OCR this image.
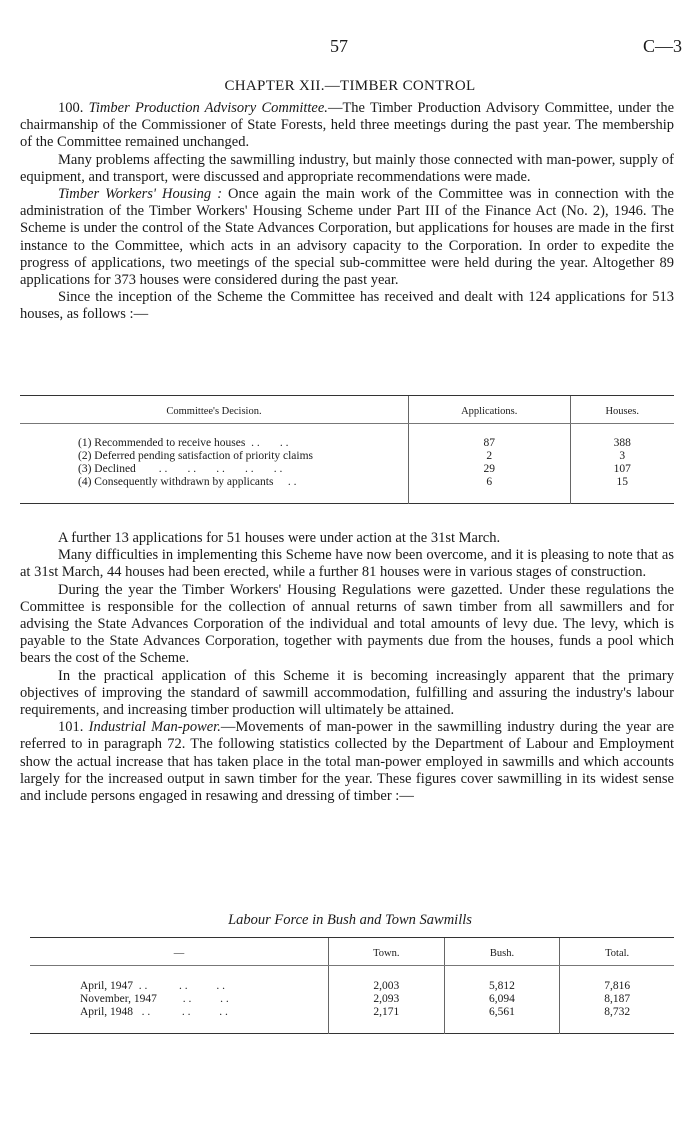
57	C—3
CHAPTER XII.—TIMBER CONTROL

100. Timber Production Advisory Committee.—The Timber Production Advisory Committee, under the chairmanship of the Commissioner of State Forests, held three meetings during the past year. The membership of the Committee remained unchanged.

Many problems affecting the sawmilling industry, but mainly those connected with man-power, supply of equipment, and transport, were discussed and appropriate recommendations were made.

Timber Workers' Housing : Once again the main work of the Committee was in connection with the administration of the Timber Workers' Housing Scheme under Part III of the Finance Act (No. 2), 1946. The Scheme is under the control of the State Advances Corporation, but applications for houses are made in the first instance to the Committee, which acts in an advisory capacity to the Corporation. In order to expedite the progress of applications, two meetings of the special sub-committee were held during the year. Altogether 89 applications for 373 houses were considered during the past year.

Since the inception of the Scheme the Committee has received and dealt with 124 applications for 513 houses, as follows :—

Committee's Decision.	Applications.	Houses.

(1) Recommended to receive houses  . .       . .	87	388
(2) Deferred pending satisfaction of priority claims	2	3
(3) Declined        . .       . .       . .       . .       . .	29	107
(4) Consequently withdrawn by applicants     . .	6	15

A further 13 applications for 51 houses were under action at the 31st March.

Many difficulties in implementing this Scheme have now been overcome, and it is pleasing to note that as at 31st March, 44 houses had been erected, while a further 81 houses were in various stages of construction.

During the year the Timber Workers' Housing Regulations were gazetted. Under these regulations the Committee is responsible for the collection of annual returns of sawn timber from all sawmillers and for advising the State Advances Corporation of the individual and total amounts of levy due. The levy, which is payable to the State Advances Corporation, together with payments due from the houses, funds a pool which bears the cost of the Scheme.

In the practical application of this Scheme it is becoming increasingly apparent that the primary objectives of improving the standard of sawmill accommodation, fulfilling and assuring the industry's labour requirements, and increasing timber production will ultimately be attained.

101. Industrial Man-power.—Movements of man-power in the sawmilling industry during the year are referred to in paragraph 72. The following statistics collected by the Department of Labour and Employment show the actual increase that has taken place in the total man-power employed in sawmills and which accounts largely for the increased output in sawn timber for the year. These figures cover sawmilling in its widest sense and include persons engaged in resawing and dressing of timber :—

Labour Force in Bush and Town Sawmills

—	Town.	Bush.	Total.

April, 1947  . .           . .          . .	2,003	5,812	7,816
November, 1947         . .          . .	2,093	6,094	8,187
April, 1948   . .           . .          . .	2,171	6,561	8,732
